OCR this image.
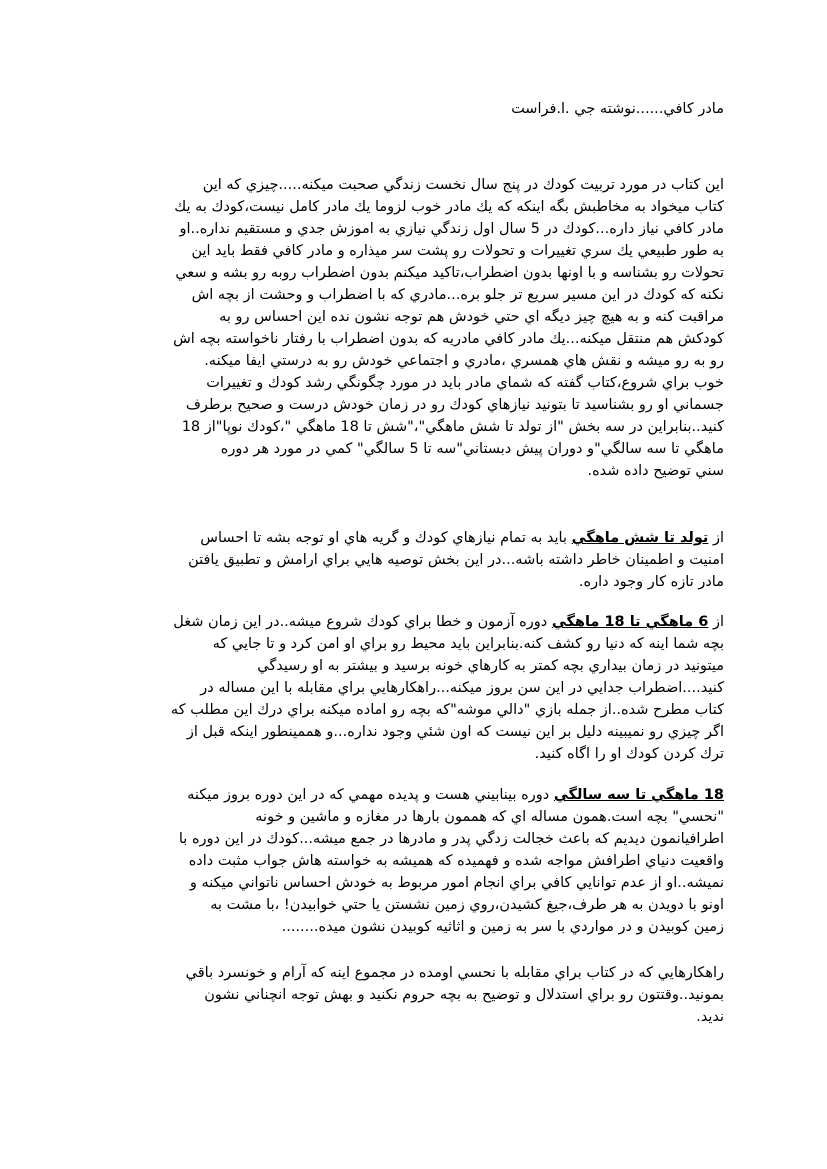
مادر كافي......نوشته جي .ا.فراست
اين كتاب در مورد تربيت كودك در پنج سال نخست زندگي صحبت ميكنه.....چيزي كه اين
كتاب ميخواد به مخاطبش بگه اينكه كه يك مادر خوب لزوما يك مادر كامل نيست،كودك به يك
مادر كافي نياز داره...كودك در 5 سال اول زندگي نيازي به اموزش جدي و مستقيم نداره..او
به طور طبيعي يك سري تغييرات و تحولات رو پشت سر ميذاره و مادر كافي فقط بايد اين
تحولات رو بشناسه و با اونها بدون اضطراب،تاكيد ميكنم بدون اضطراب روبه رو بشه و سعي
نكنه كه كودك در اين مسير سريع تر جلو بره...مادري كه با اضطراب و وحشت از بچه اش
مراقبت كنه و به هيچ چيز ديگه اي حتي خودش هم توجه نشون نده اين احساس رو به
كودكش هم منتقل ميكنه...يك مادر كافي مادريه كه بدون اضطراب با رفتار ناخواسته بچه اش
رو به رو ميشه و نقش هاي همسري ،مادري و اجتماعي خودش رو به درستي ايفا ميكنه.
خوب براي شروع،كتاب گفته كه شماي مادر بايد در مورد چگونگي رشد كودك و تغييرات
جسماني او رو بشناسيد تا بتونيد نيازهاي كودك رو در زمان خودش درست و صحيح برطرف
كنيد..بنابراين در سه بخش "از تولد تا شش ماهگي"،"شش تا 18 ماهگي "،كودك نوپا"از 18
ماهگي تا سه سالگي"و دوران پيش دبستاني"سه تا 5 سالگي" كمي در مورد هر دوره
سني توضيح داده شده.
از تولد تا شش ماهگي بايد به تمام نيازهاي كودك و گريه هاي او توجه بشه تا احساس
امنيت و اطمينان خاطر داشته باشه...در اين بخش توصيه هايي براي ارامش و تطبيق يافتن
مادر تازه كار وجود داره.
از 6 ماهگي تا 18 ماهگي دوره آزمون و خطا براي كودك شروع ميشه..در اين زمان شغل
بچه شما اينه كه دنيا رو كشف كنه.بنابراين بايد محيط رو براي او امن كرد و تا جايي كه
ميتونيد در زمان بيداري بچه كمتر به كارهاي خونه برسيد و بيشتر به او رسيدگي
كنيد....اضطراب جدايي در اين سن بروز ميكنه...راهكارهايي براي مقابله با اين مساله در
كتاب مطرح شده..از جمله بازي "دالي موشه"كه بچه رو اماده ميكنه براي درك اين مطلب كه
اگر چيزي رو نميبينه دليل بر اين نيست كه اون شئي وجود نداره...و هممينطور اينكه قبل از
ترك كردن كودك او را اگاه كنيد.
18 ماهگي تا سه سالگي دوره بينابيني هست و پديده مهمي كه در اين دوره بروز ميكنه
"نحسي" بچه است.همون مساله اي كه هممون بارها در مغازه و ماشين و خونه
اطرافيانمون ديديم كه باعث خجالت زدگي پدر و مادرها در جمع ميشه...كودك در اين دوره با
واقعيت دنياي اطرافش مواجه شده و فهميده كه هميشه به خواسته هاش جواب مثبت داده
نميشه..او از عدم توانايي كافي براي انجام امور مربوط به خودش احساس ناتواني ميكنه و
اونو با دويدن به هر طرف،جيغ كشيدن،روي زمين نشستن يا حتي خوابيدن! ،با مشت به
زمين كوبيدن و در مواردي با سر به زمين و اثاثيه كوبيدن نشون ميده........
راهكارهايي كه در كتاب براي مقابله با نحسي اومده در مجموع اينه كه آرام و خونسرد باقي
بمونيد..وقتتون رو براي استدلال و توضيح به بچه حروم نكنيد و بهش توجه انچناني نشون
نديد.
